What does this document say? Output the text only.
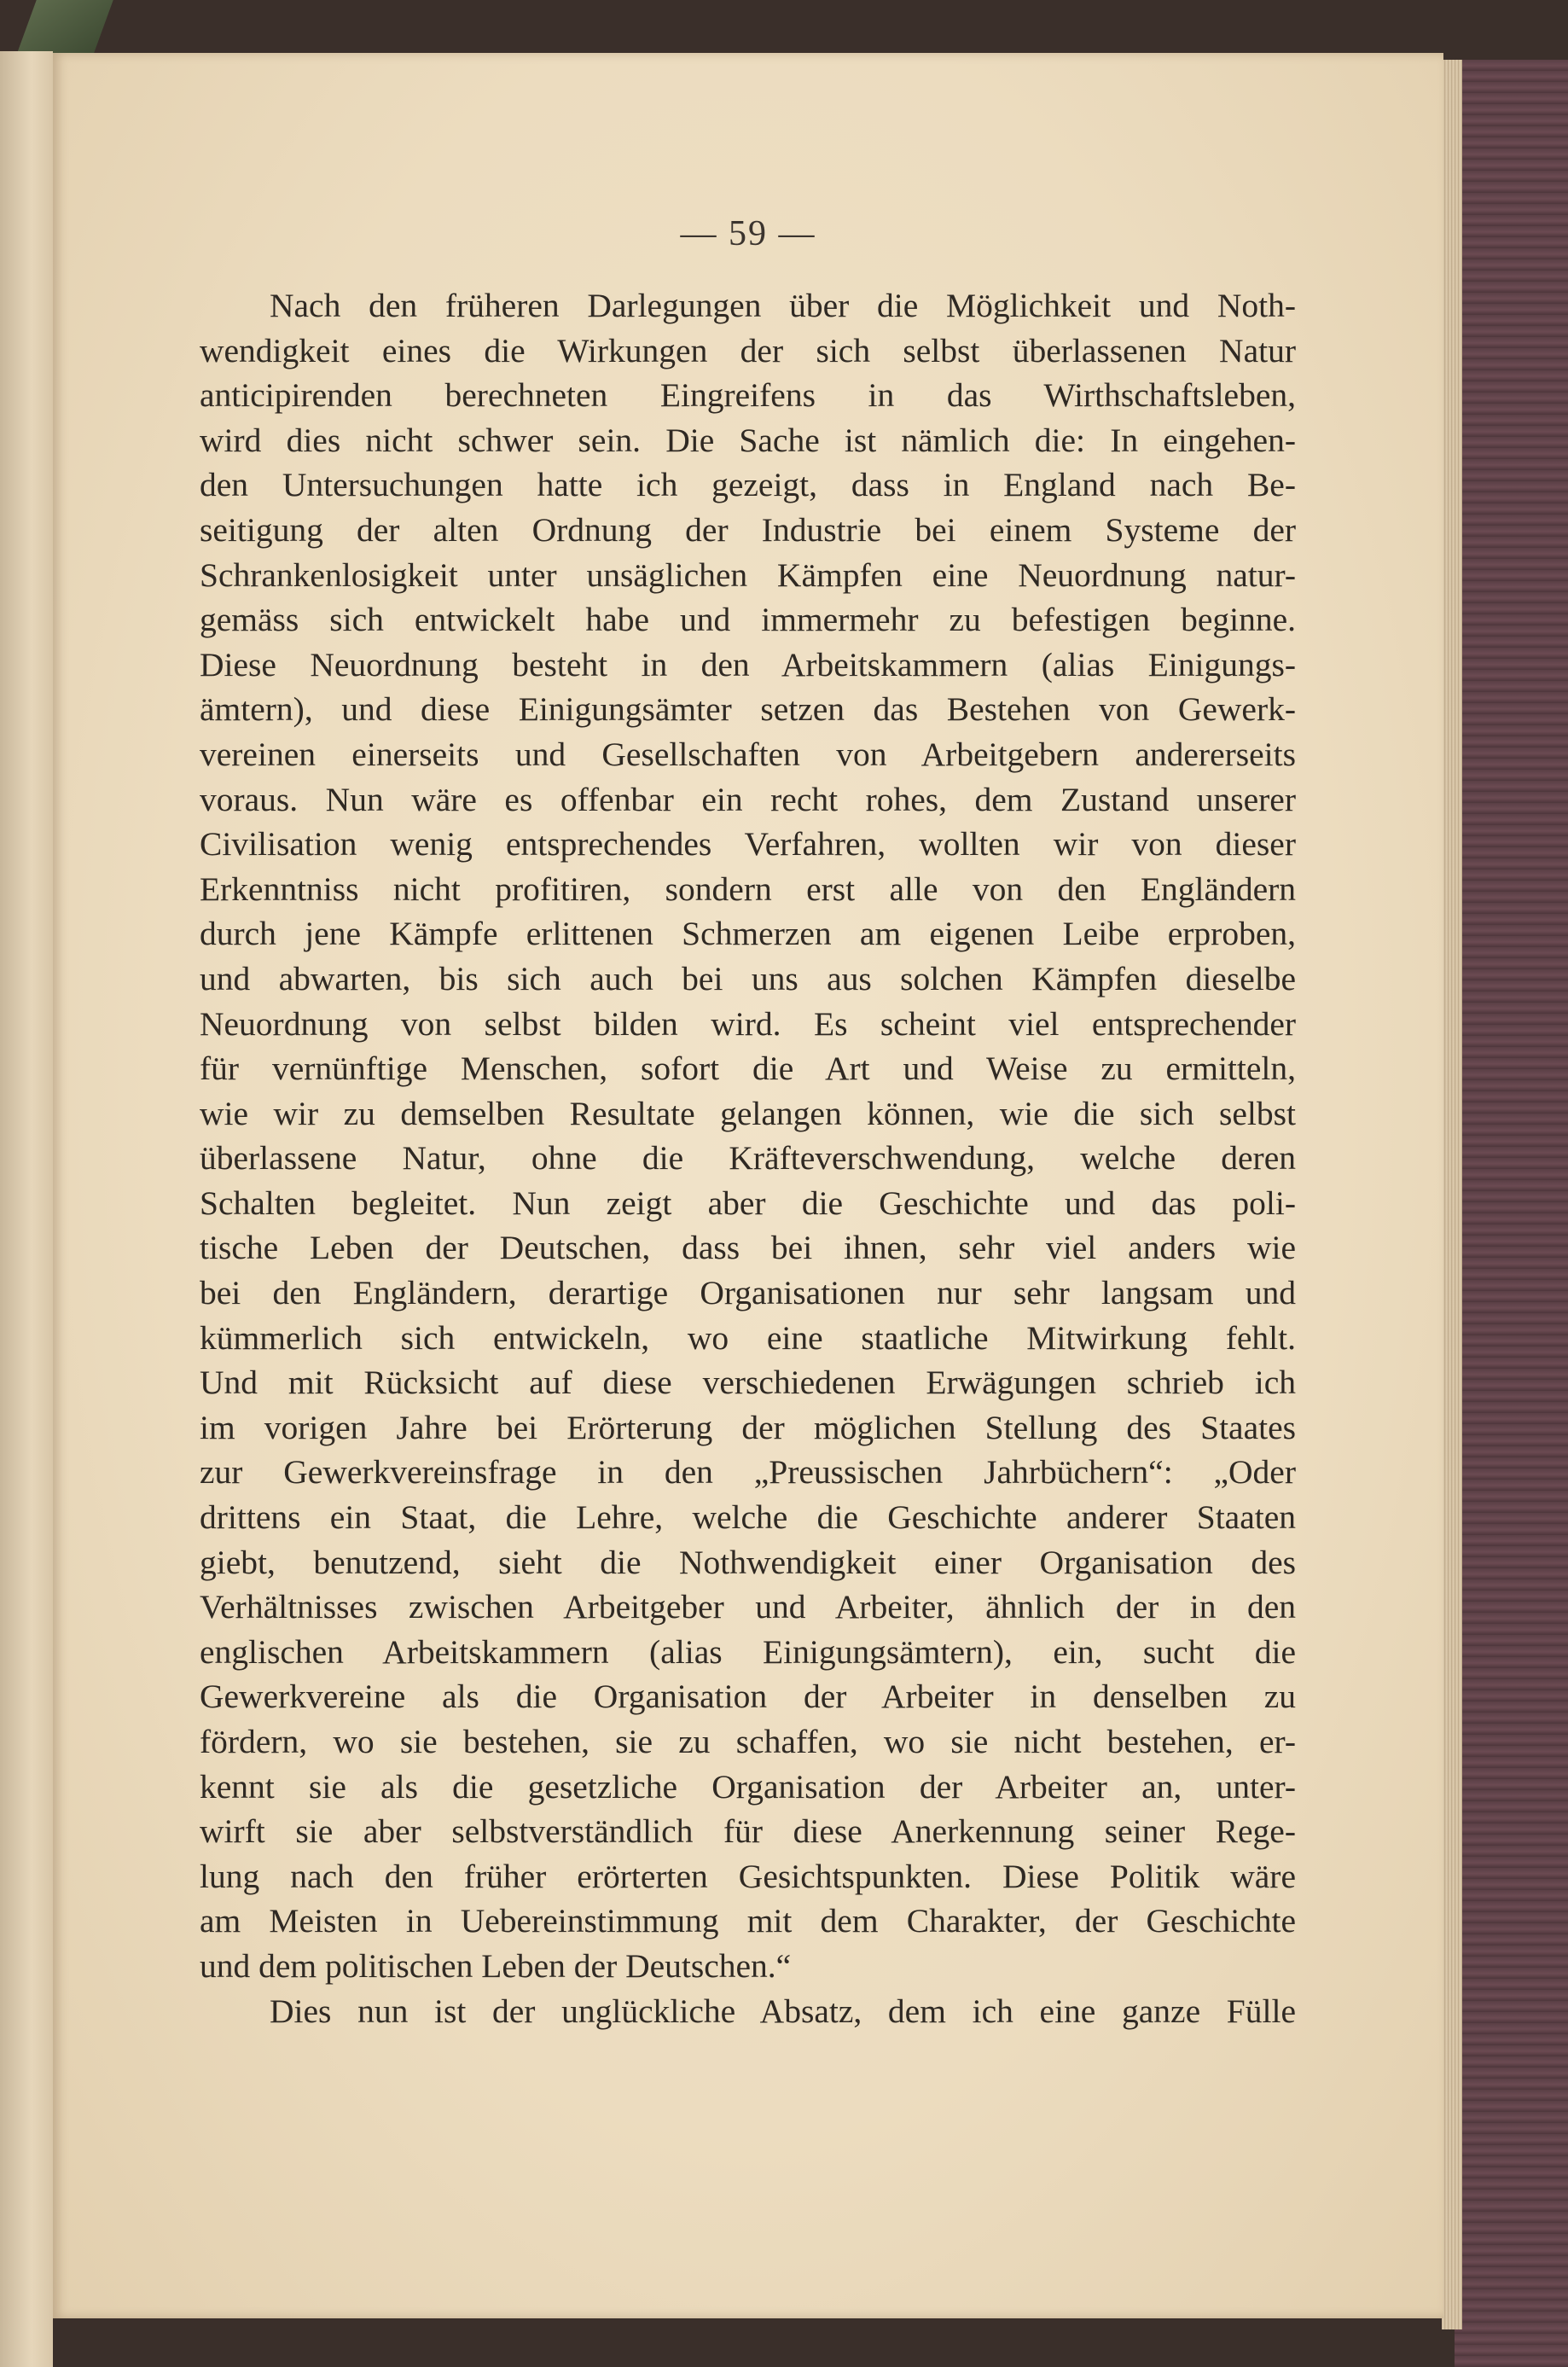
— 59 —
Nach den früheren Darlegungen über die Möglichkeit und Noth-
wendigkeit eines die Wirkungen der sich selbst überlassenen Natur
anticipirenden berechneten Eingreifens in das Wirthschaftsleben,
wird dies nicht schwer sein. Die Sache ist nämlich die: In eingehen-
den Untersuchungen hatte ich gezeigt, dass in England nach Be-
seitigung der alten Ordnung der Industrie bei einem Systeme der
Schrankenlosigkeit unter unsäglichen Kämpfen eine Neuordnung natur-
gemäss sich entwickelt habe und immermehr zu befestigen beginne.
Diese Neuordnung besteht in den Arbeitskammern (alias Einigungs-
ämtern), und diese Einigungsämter setzen das Bestehen von Gewerk-
vereinen einerseits und Gesellschaften von Arbeitgebern andererseits
voraus. Nun wäre es offenbar ein recht rohes, dem Zustand unserer
Civilisation wenig entsprechendes Verfahren, wollten wir von dieser
Erkenntniss nicht profitiren, sondern erst alle von den Engländern
durch jene Kämpfe erlittenen Schmerzen am eigenen Leibe erproben,
und abwarten, bis sich auch bei uns aus solchen Kämpfen dieselbe
Neuordnung von selbst bilden wird. Es scheint viel entsprechender
für vernünftige Menschen, sofort die Art und Weise zu ermitteln,
wie wir zu demselben Resultate gelangen können, wie die sich selbst
überlassene Natur, ohne die Kräfteverschwendung, welche deren
Schalten begleitet. Nun zeigt aber die Geschichte und das poli-
tische Leben der Deutschen, dass bei ihnen, sehr viel anders wie
bei den Engländern, derartige Organisationen nur sehr langsam und
kümmerlich sich entwickeln, wo eine staatliche Mitwirkung fehlt.
Und mit Rücksicht auf diese verschiedenen Erwägungen schrieb ich
im vorigen Jahre bei Erörterung der möglichen Stellung des Staates
zur Gewerkvereinsfrage in den „Preussischen Jahrbüchern“: „Oder
drittens ein Staat, die Lehre, welche die Geschichte anderer Staaten
giebt, benutzend, sieht die Nothwendigkeit einer Organisation des
Verhältnisses zwischen Arbeitgeber und Arbeiter, ähnlich der in den
englischen Arbeitskammern (alias Einigungsämtern), ein, sucht die
Gewerkvereine als die Organisation der Arbeiter in denselben zu
fördern, wo sie bestehen, sie zu schaffen, wo sie nicht bestehen, er-
kennt sie als die gesetzliche Organisation der Arbeiter an, unter-
wirft sie aber selbstverständlich für diese Anerkennung seiner Rege-
lung nach den früher erörterten Gesichtspunkten. Diese Politik wäre
am Meisten in Uebereinstimmung mit dem Charakter, der Geschichte
und dem politischen Leben der Deutschen.“
Dies nun ist der unglückliche Absatz, dem ich eine ganze Fülle
